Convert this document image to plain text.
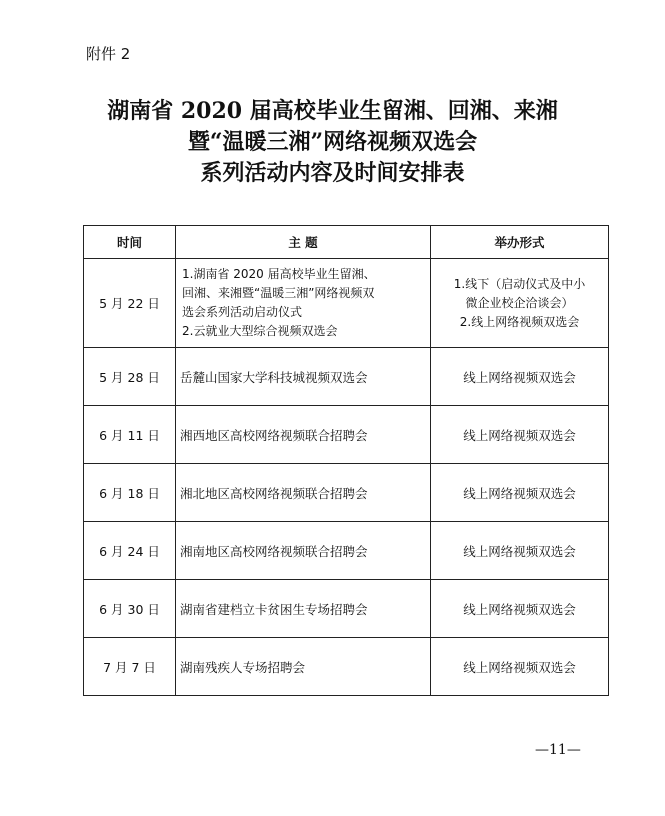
附件 2
湖南省 2020 届高校毕业生留湘、回湘、来湘
暨“温暖三湘”网络视频双选会
系列活动内容及时间安排表
时间	主 题	举办形式
5 月 22 日	1.湖南省 2020 届高校毕业生留湘、
回湘、来湘暨“温暖三湘”网络视频双
选会系列活动启动仪式
2.云就业大型综合视频双选会	1.线下（启动仪式及中小
微企业校企洽谈会）
2.线上网络视频双选会

5 月 28 日	岳麓山国家大学科技城视频双选会	线上网络视频双选会
6 月 11 日	湘西地区高校网络视频联合招聘会	线上网络视频双选会
6 月 18 日	湘北地区高校网络视频联合招聘会	线上网络视频双选会
6 月 24 日	湘南地区高校网络视频联合招聘会	线上网络视频双选会
6 月 30 日	湖南省建档立卡贫困生专场招聘会	线上网络视频双选会
7 月 7 日	湖南残疾人专场招聘会	线上网络视频双选会
—11—
